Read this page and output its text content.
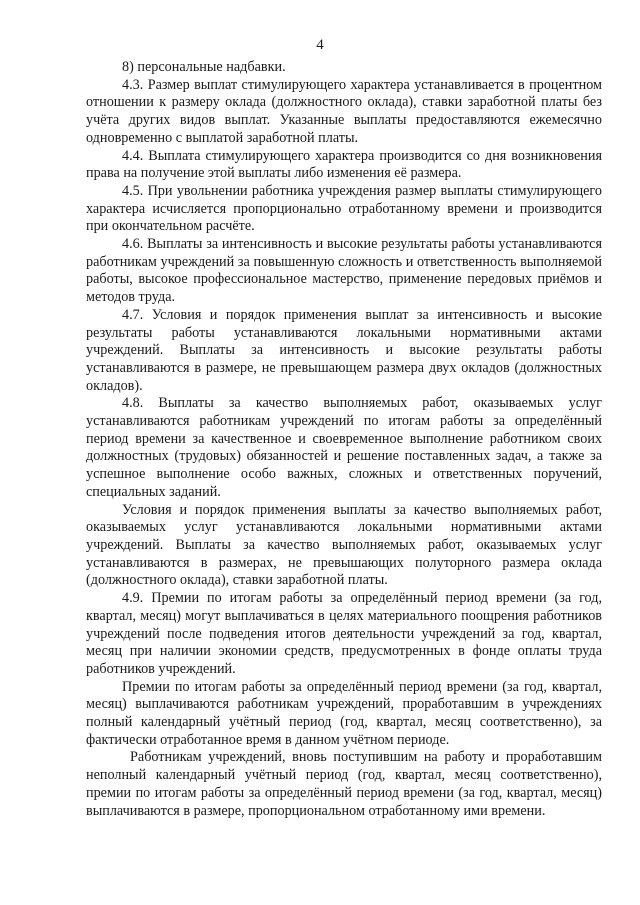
4

8) персональные надбавки.

4.3. Размер выплат стимулирующего характера устанавливается в процентном отношении к размеру оклада (должностного оклада), ставки заработной платы без учёта других видов выплат. Указанные выплаты предоставляются ежемесячно одновременно с выплатой заработной платы.

4.4. Выплата стимулирующего характера производится со дня возникновения права на получение этой выплаты либо изменения её размера.

4.5. При увольнении работника учреждения размер выплаты стимулирующего характера исчисляется пропорционально отработанному времени и производится при окончательном расчёте.

4.6. Выплаты за интенсивность и высокие результаты работы устанавливаются работникам учреждений за повышенную сложность и ответственность выполняемой работы, высокое профессиональное мастерство, применение передовых приёмов и методов труда.

4.7. Условия и порядок применения выплат за интенсивность и высокие результаты работы устанавливаются локальными нормативными актами учреждений. Выплаты за интенсивность и высокие результаты работы устанавливаются в размере, не превышающем размера двух окладов (должностных окладов).

4.8. Выплаты за качество выполняемых работ, оказываемых услуг устанавливаются работникам учреждений по итогам работы за определённый период времени за качественное и своевременное выполнение работником своих должностных (трудовых) обязанностей и решение поставленных задач, а также за успешное выполнение особо важных, сложных и ответственных поручений, специальных заданий.

Условия и порядок применения выплаты за качество выполняемых работ, оказываемых услуг устанавливаются локальными нормативными актами учреждений. Выплаты за качество выполняемых работ, оказываемых услуг устанавливаются в размерах, не превышающих полуторного размера оклада (должностного оклада), ставки заработной платы.

4.9. Премии по итогам работы за определённый период времени (за год, квартал, месяц) могут выплачиваться в целях материального поощрения работников учреждений после подведения итогов деятельности учреждений за год, квартал, месяц при наличии экономии средств, предусмотренных в фонде оплаты труда работников учреждений.

Премии по итогам работы за определённый период времени (за год, квартал, месяц) выплачиваются работникам учреждений, проработавшим в учреждениях полный календарный учётный период (год, квартал, месяц соответственно), за фактически отработанное время в данном учётном периоде.

Работникам учреждений, вновь поступившим на работу и проработавшим неполный календарный учётный период (год, квартал, месяц соответственно), премии по итогам работы за определённый период времени (за год, квартал, месяц) выплачиваются в размере, пропорциональном отработанному ими времени.
